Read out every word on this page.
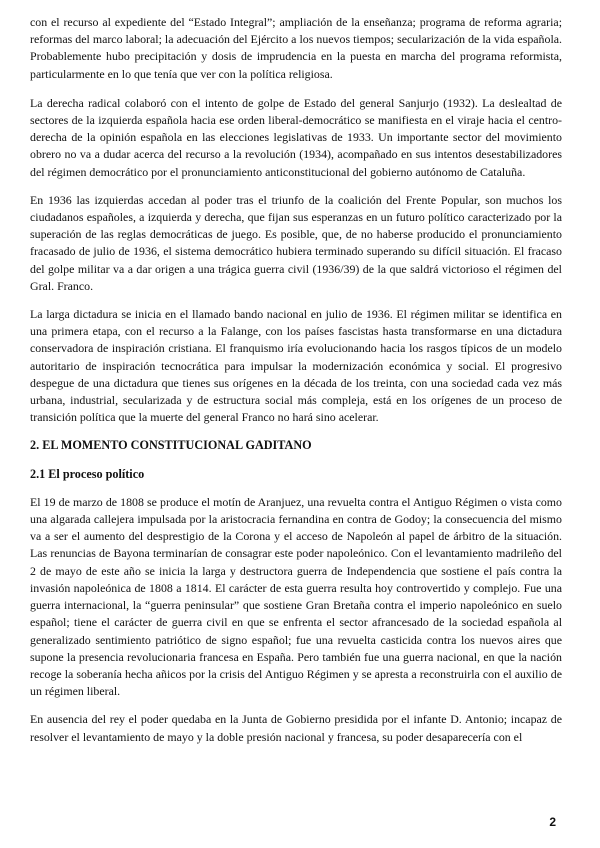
con el recurso al expediente del “Estado Integral”; ampliación de la enseñanza; programa de reforma agraria; reformas del marco laboral; la adecuación del Ejército a los nuevos tiempos; secularización de la vida española. Probablemente hubo precipitación y dosis de imprudencia en la puesta en marcha del programa reformista, particularmente en lo que tenía que ver con la política religiosa.

La derecha radical colaboró con el intento de golpe de Estado del general Sanjurjo (1932). La deslealtad de sectores de la izquierda española hacia ese orden liberal-democrático se manifiesta en el viraje hacia el centro-derecha de la opinión española en las elecciones legislativas de 1933. Un importante sector del movimiento obrero no va a dudar acerca del recurso a la revolución (1934), acompañado en sus intentos desestabilizadores del régimen democrático por el pronunciamiento anticonstitucional del gobierno autónomo de Cataluña.

En 1936 las izquierdas accedan al poder tras el triunfo de la coalición del Frente Popular, son muchos los ciudadanos españoles, a izquierda y derecha, que fijan sus esperanzas en un futuro político caracterizado por la superación de las reglas democráticas de juego. Es posible, que, de no haberse producido el pronunciamiento fracasado de julio de 1936, el sistema democrático hubiera terminado superando su difícil situación. El fracaso del golpe militar va a dar origen a una trágica guerra civil (1936/39) de la que saldrá victorioso el régimen del Gral. Franco.

La larga dictadura se inicia en el llamado bando nacional en julio de 1936. El régimen militar se identifica en una primera etapa, con el recurso a la Falange, con los países fascistas hasta transformarse en una dictadura conservadora de inspiración cristiana. El franquismo iría evolucionando hacia los rasgos típicos de un modelo autoritario de inspiración tecnocrática para impulsar la modernización económica y social. El progresivo despegue de una dictadura que tienes sus orígenes en la década de los treinta, con una sociedad cada vez más urbana, industrial, secularizada y de estructura social más compleja, está en los orígenes de un proceso de transición política que la muerte del general Franco no hará sino acelerar.

2. EL MOMENTO CONSTITUCIONAL GADITANO
2.1 El proceso político

El 19 de marzo de 1808 se produce el motín de Aranjuez, una revuelta contra el Antiguo Régimen o vista como una algarada callejera impulsada por la aristocracia fernandina en contra de Godoy; la consecuencia del mismo va a ser el aumento del desprestigio de la Corona y el acceso de Napoleón al papel de árbitro de la situación. Las renuncias de Bayona terminarían de consagrar este poder napoleónico. Con el levantamiento madrileño del 2 de mayo de este año se inicia la larga y destructora guerra de Independencia que sostiene el país contra la invasión napoleónica de 1808 a 1814. El carácter de esta guerra resulta hoy controvertido y complejo. Fue una guerra internacional, la “guerra peninsular” que sostiene Gran Bretaña contra el imperio napoleónico en suelo español; tiene el carácter de guerra civil en que se enfrenta el sector afrancesado de la sociedad española al generalizado sentimiento patriótico de signo español; fue una revuelta casticida contra los nuevos aires que supone la presencia revolucionaria francesa en España. Pero también fue una guerra nacional, en que la nación recoge la soberanía hecha añicos por la crisis del Antiguo Régimen y se apresta a reconstruirla con el auxilio de un régimen liberal.

En ausencia del rey el poder quedaba en la Junta de Gobierno presidida por el infante D. Antonio; incapaz de resolver el levantamiento de mayo y la doble presión nacional y francesa, su poder desaparecería con el

2
